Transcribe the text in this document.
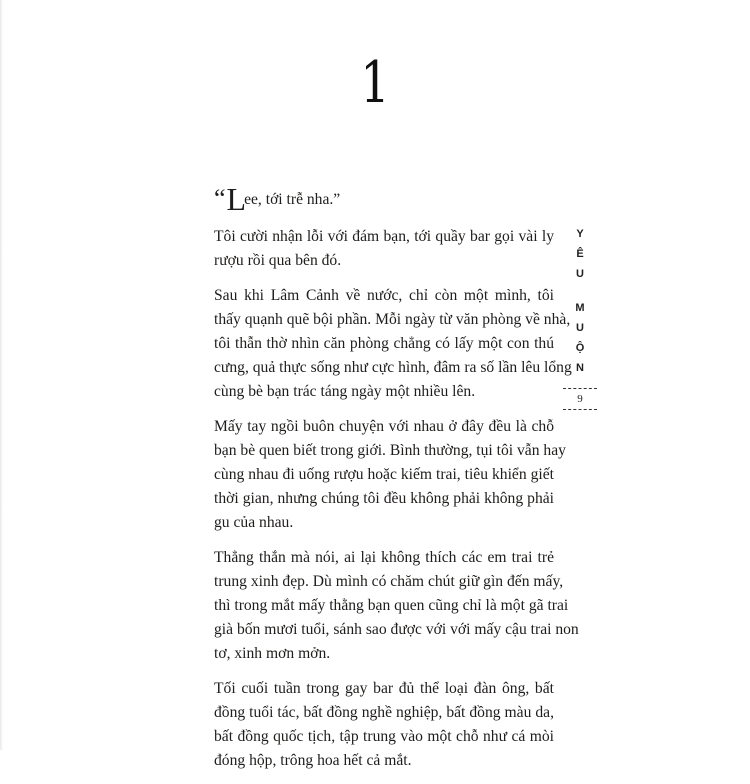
1

“Lee, tới trễ nha.”

Tôi cười nhận lỗi với đám bạn, tới quầy bar gọi vài ly
rượu rồi qua bên đó.

Sau khi Lâm Cảnh về nước, chỉ còn một mình, tôi
thấy quạnh quẽ bội phần. Mỗi ngày từ văn phòng về nhà,
tôi thẫn thờ nhìn căn phòng chẳng có lấy một con thú
cưng, quả thực sống như cực hình, đâm ra số lần lêu lổng
cùng bè bạn trác táng ngày một nhiều lên.

Mấy tay ngồi buôn chuyện với nhau ở đây đều là chỗ
bạn bè quen biết trong giới. Bình thường, tụi tôi vẫn hay
cùng nhau đi uống rượu hoặc kiếm trai, tiêu khiển giết
thời gian, nhưng chúng tôi đều không phải không phải
gu của nhau.

Thẳng thắn mà nói, ai lại không thích các em trai trẻ
trung xinh đẹp. Dù mình có chăm chút giữ gìn đến mấy,
thì trong mắt mấy thằng bạn quen cũng chỉ là một gã trai
già bốn mươi tuổi, sánh sao được với với mấy cậu trai non
tơ, xinh mơn mởn.

Tối cuối tuần trong gay bar đủ thể loại đàn ông, bất
đồng tuổi tác, bất đồng nghề nghiệp, bất đồng màu da,
bất đồng quốc tịch, tập trung vào một chỗ như cá mòi
đóng hộp, trông hoa hết cả mắt.

Y
Ê
U
M
U
Ộ
N
9
